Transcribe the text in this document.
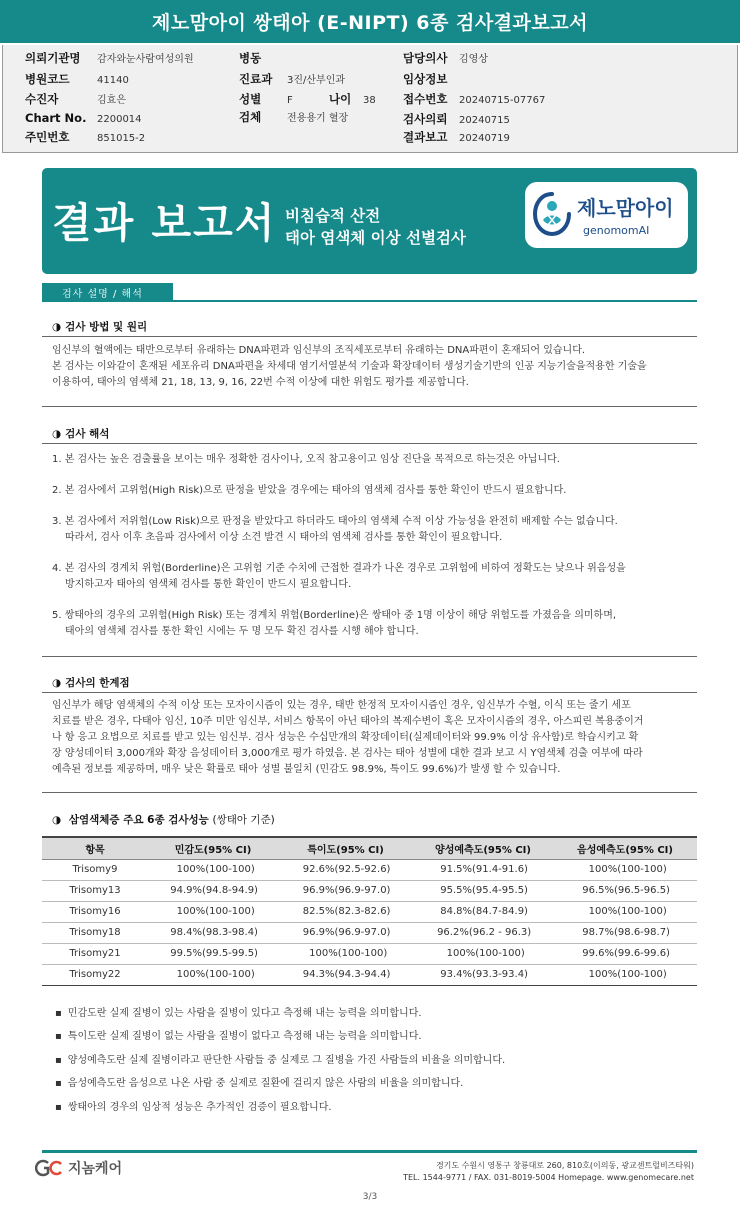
제노맘아이 쌍태아 (E-NIPT) 6종 검사결과보고서
의뢰기관명	감자와눈사람여성의원
병원코드	41140
수진자	김효은
Chart No.	2200014
주민번호	851015-2
병동
진료과	3진/산부인과
성별	F	나이	38
검체	전용용기 혈장
담당의사	김영상
임상정보
접수번호	20240715-07767
검사의뢰	20240715
결과보고	20240719
결과 보고서 비침습적 산전
태아 염색체 이상 선별검사
제노맘아이
genomomAI
검사 설명 / 해석
◑ 검사 방법 및 원리
임신부의 혈액에는 태반으로부터 유래하는 DNA파편과 임신부의 조직세포로부터 유래하는 DNA파편이 혼재되어 있습니다.
본 검사는 이와같이 혼재된 세포유리 DNA파편을 차세대 염기서열분석 기술과 확장데이터 생성기술기반의 인공 지능기술을적용한 기술을
이용하여, 태아의 염색체 21, 18, 13, 9, 16, 22번 수적 이상에 대한 위험도 평가를 제공합니다.
◑ 검사 해석
1. 본 검사는 높은 검출률을 보이는 매우 정확한 검사이나, 오직 참고용이고 임상 진단을 목적으로 하는것은 아닙니다.
2. 본 검사에서 고위험(High Risk)으로 판정을 받았을 경우에는 태아의 염색체 검사를 통한 확인이 반드시 필요합니다.
3. 본 검사에서 저위험(Low Risk)으로 판정을 받았다고 하더라도 태아의 염색체 수적 이상 가능성을 완전히 배제할 수는 없습니다.
따라서, 검사 이후 초음파 검사에서 이상 소견 발견 시 태아의 염색체 검사를 통한 확인이 필요합니다.
4. 본 검사의 경계치 위험(Borderline)은 고위험 기준 수치에 근접한 결과가 나온 경우로 고위험에 비하여 정확도는 낮으나 위음성을
방지하고자 태아의 염색체 검사를 통한 확인이 반드시 필요합니다.
5. 쌍태아의 경우의 고위험(High Risk) 또는 경계치 위험(Borderline)은 쌍태아 중 1명 이상이 해당 위험도를 가졌음을 의미하며,
태아의 염색체 검사를 통한 확인 시에는 두 명 모두 확진 검사를 시행 해야 합니다.
◑ 검사의 한계점
임신부가 해당 염색체의 수적 이상 또는 모자이시즘이 있는 경우, 태반 한정적 모자이시즘인 경우, 임신부가 수혈, 이식 또는 줄기 세포
치료를 받은 경우, 다태아 임신, 10주 미만 임신부, 서비스 항목이 아닌 태아의 복제수변이 혹은 모자이시즘의 경우, 아스피린 복용중이거
나 항 응고 요법으로 치료를 받고 있는 임신부. 검사 성능은 수십만개의 확장데이터(실제데이터와 99.9% 이상 유사함)로 학습시키고 확
장 양성데이터 3,000개와 확장 음성데이터 3,000개로 평가 하였음. 본 검사는 태아 성별에 대한 결과 보고 시 Y염색체 검출 여부에 따라
예측된 정보를 제공하며, 매우 낮은 확률로 태아 성별 불일치 (민감도 98.9%, 특이도 99.6%)가 발생 할 수 있습니다.
◑ 삼염색체증 주요 6종 검사성능 (쌍태아 기준)
항목	민감도(95% CI)	특이도(95% CI)	양성예측도(95% CI)	음성예측도(95% CI)
Trisomy9	100%(100-100)	92.6%(92.5-92.6)	91.5%(91.4-91.6)	100%(100-100)
Trisomy13	94.9%(94.8-94.9)	96.9%(96.9-97.0)	95.5%(95.4-95.5)	96.5%(96.5-96.5)
Trisomy16	100%(100-100)	82.5%(82.3-82.6)	84.8%(84.7-84.9)	100%(100-100)
Trisomy18	98.4%(98.3-98.4)	96.9%(96.9-97.0)	96.2%(96.2 - 96.3)	98.7%(98.6-98.7)
Trisomy21	99.5%(99.5-99.5)	100%(100-100)	100%(100-100)	99.6%(99.6-99.6)
Trisomy22	100%(100-100)	94.3%(94.3-94.4)	93.4%(93.3-93.4)	100%(100-100)
▪ 민감도란 실제 질병이 있는 사람을 질병이 있다고 측정해 내는 능력을 의미합니다.
▪ 특이도란 실제 질병이 없는 사람을 질병이 없다고 측정해 내는 능력을 의미합니다.
▪ 양성예측도란 실제 질병이라고 판단한 사람들 중 실제로 그 질병을 가진 사람들의 비율을 의미합니다.
▪ 음성예측도란 음성으로 나온 사람 중 실제로 질환에 걸리지 않은 사람의 비율을 의미합니다.
▪ 쌍태아의 경우의 임상적 성능은 추가적인 검증이 필요합니다.
지놈케어	경기도 수원시 영통구 창룡대로 260, 810호(이의동, 광교센트럴비즈타워)
TEL. 1544-9771 / FAX. 031-8019-5004 Homepage. www.genomecare.net
3/3
